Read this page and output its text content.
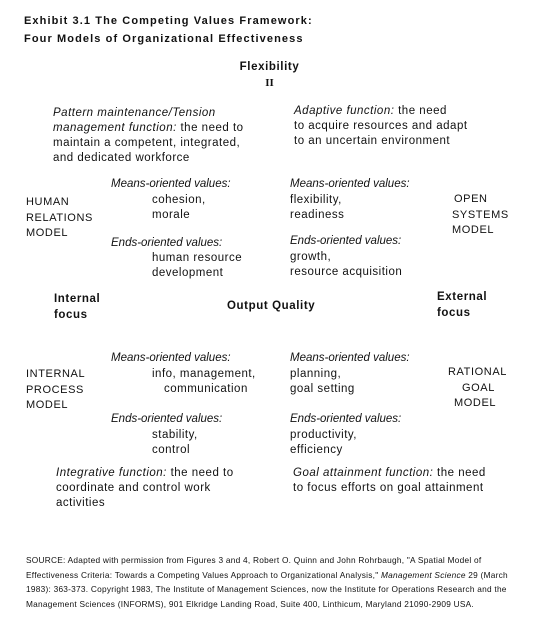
Exhibit 3.1 The Competing Values Framework:
Four Models of Organizational Effectiveness
Flexibility
II
Pattern maintenance/Tension
management function: the need to
maintain a competent, integrated,
and dedicated workforce
Adaptive function: the need
to acquire resources and adapt
to an uncertain environment
HUMAN
RELATIONS
MODEL
OPEN
SYSTEMS
MODEL
Means-oriented values:
cohesion,
morale
Means-oriented values:
flexibility,
readiness
Ends-oriented values:
human resource
development
Ends-oriented values:
growth,
resource acquisition
Internal
focus
Output Quality
External
focus
Means-oriented values:
info, management,
communication
Means-oriented values:
planning,
goal setting
INTERNAL
PROCESS
MODEL
RATIONAL
GOAL
MODEL
Ends-oriented values:
stability,
control
Ends-oriented values:
productivity,
efficiency
Integrative function: the need to
coordinate and control work
activities
Goal attainment function: the need
to focus efforts on goal attainment
SOURCE: Adapted with permission from Figures 3 and 4, Robert O. Quinn and John Rohrbaugh, "A Spatial Model of Effectiveness Criteria: Towards a Competing Values Approach to Organizational Analysis," Management Science 29 (March 1983): 363-373. Copyright 1983, The Institute of Management Sciences, now the Institute for Operations Research and the Management Sciences (INFORMS), 901 Elkridge Landing Road, Suite 400, Linthicum, Maryland 21090-2909 USA.
